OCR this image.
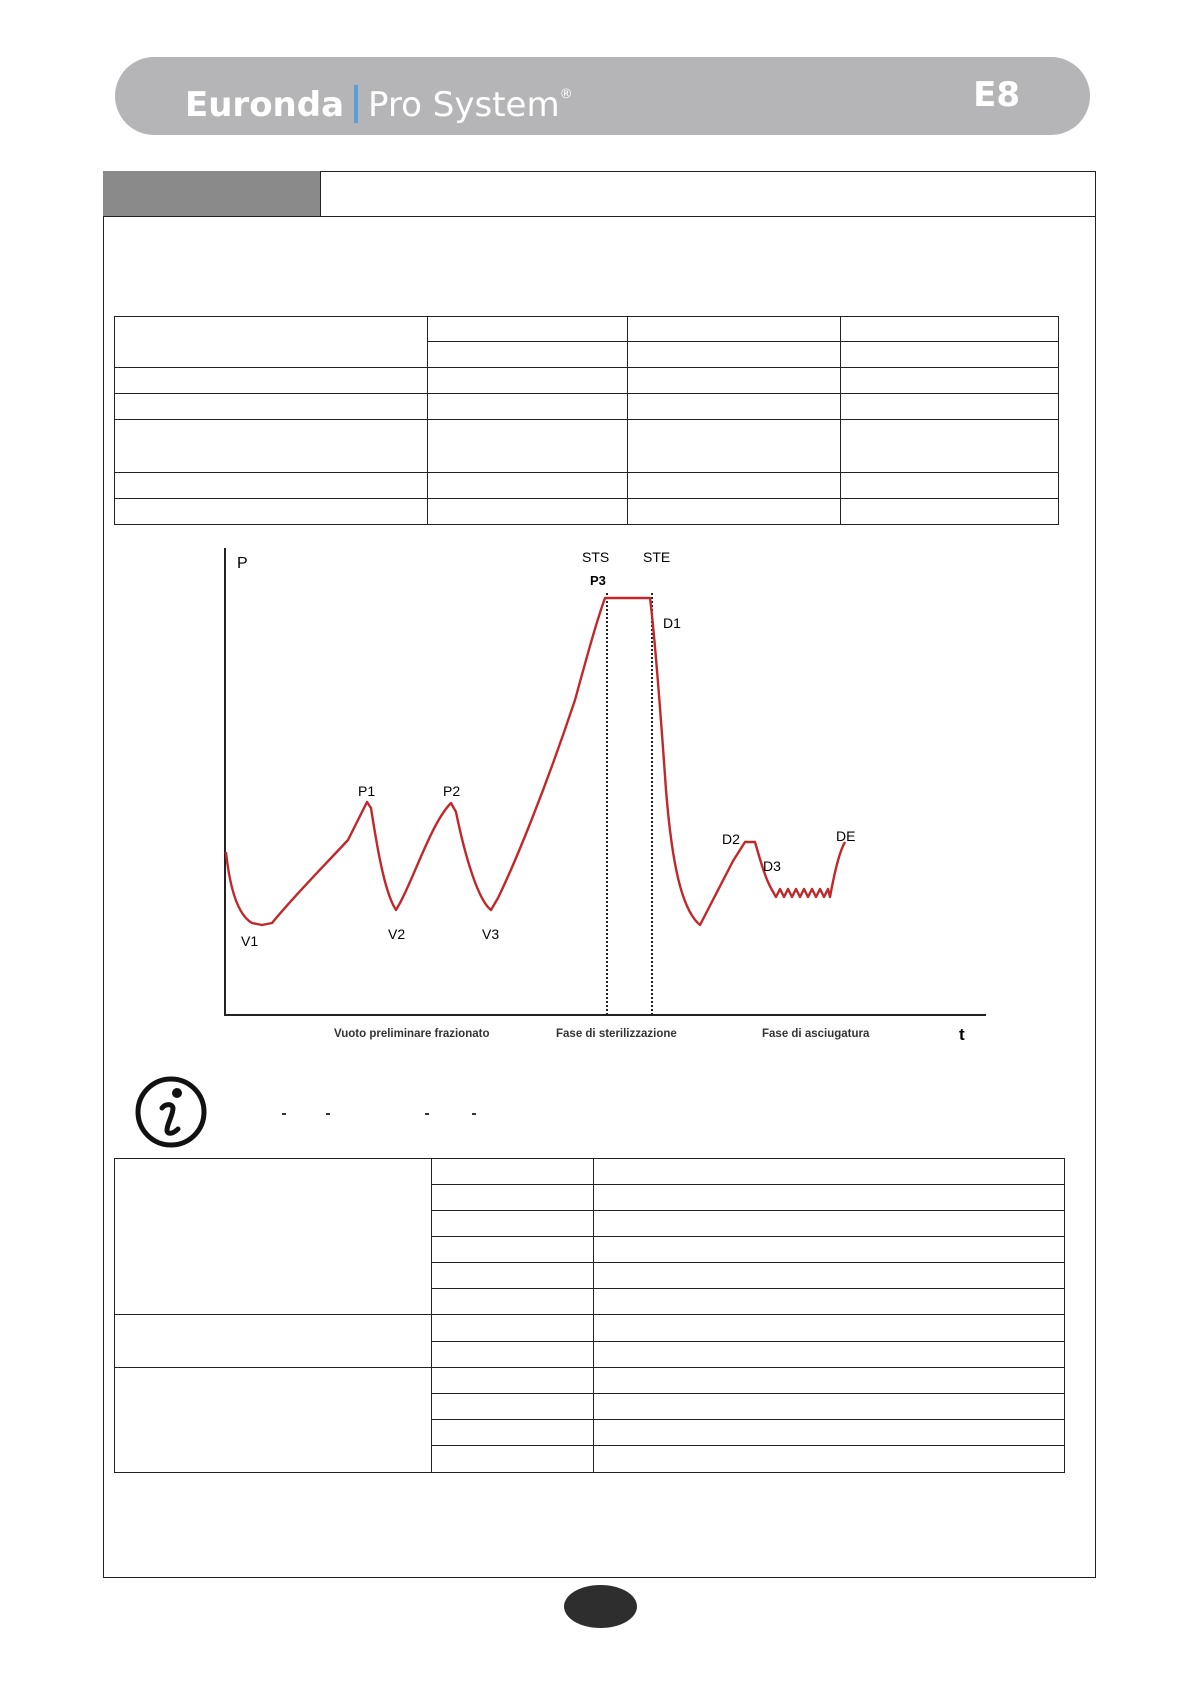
Euronda Pro System®	E8

P
t
V1
P1
V2
P2
V3
P3
STS STE
D1
D2
D3
DE
Vuoto preliminare frazionato	Fase di sterilizzazione	Fase di asciugatura
